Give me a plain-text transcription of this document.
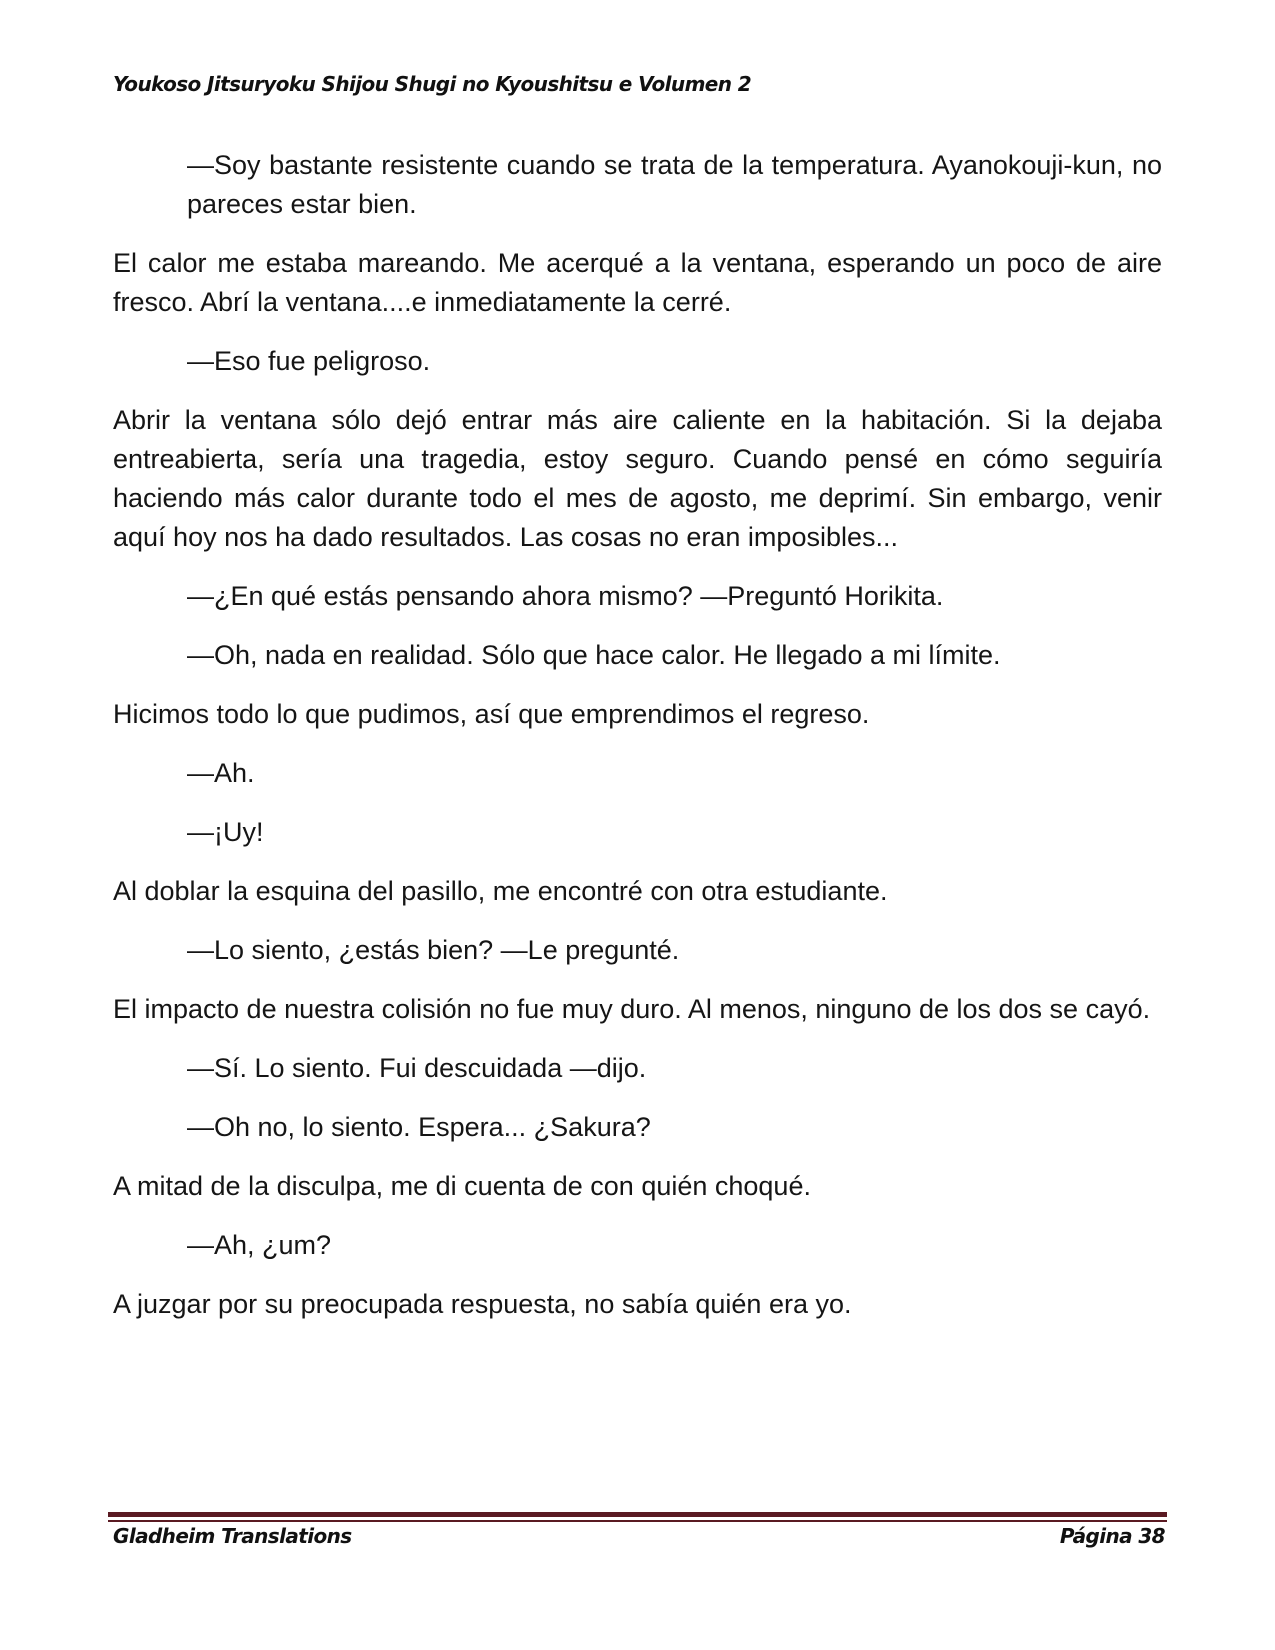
Youkoso Jitsuryoku Shijou Shugi no Kyoushitsu e Volumen 2

—Soy bastante resistente cuando se trata de la temperatura. Ayanokouji-kun, no pareces estar bien.

El calor me estaba mareando. Me acerqué a la ventana, esperando un poco de aire fresco. Abrí la ventana....e inmediatamente la cerré.

—Eso fue peligroso.

Abrir la ventana sólo dejó entrar más aire caliente en la habitación. Si la dejaba entreabierta, sería una tragedia, estoy seguro. Cuando pensé en cómo seguiría haciendo más calor durante todo el mes de agosto, me deprimí. Sin embargo, venir aquí hoy nos ha dado resultados. Las cosas no eran imposibles...

—¿En qué estás pensando ahora mismo? —Preguntó Horikita.

—Oh, nada en realidad. Sólo que hace calor. He llegado a mi límite.

Hicimos todo lo que pudimos, así que emprendimos el regreso.

—Ah.

—¡Uy!

Al doblar la esquina del pasillo, me encontré con otra estudiante.

—Lo siento, ¿estás bien? —Le pregunté.

El impacto de nuestra colisión no fue muy duro. Al menos, ninguno de los dos se cayó.

—Sí. Lo siento. Fui descuidada —dijo.

—Oh no, lo siento. Espera... ¿Sakura?

A mitad de la disculpa, me di cuenta de con quién choqué.

—Ah, ¿um?

A juzgar por su preocupada respuesta, no sabía quién era yo.

Gladheim Translations	Página 38
